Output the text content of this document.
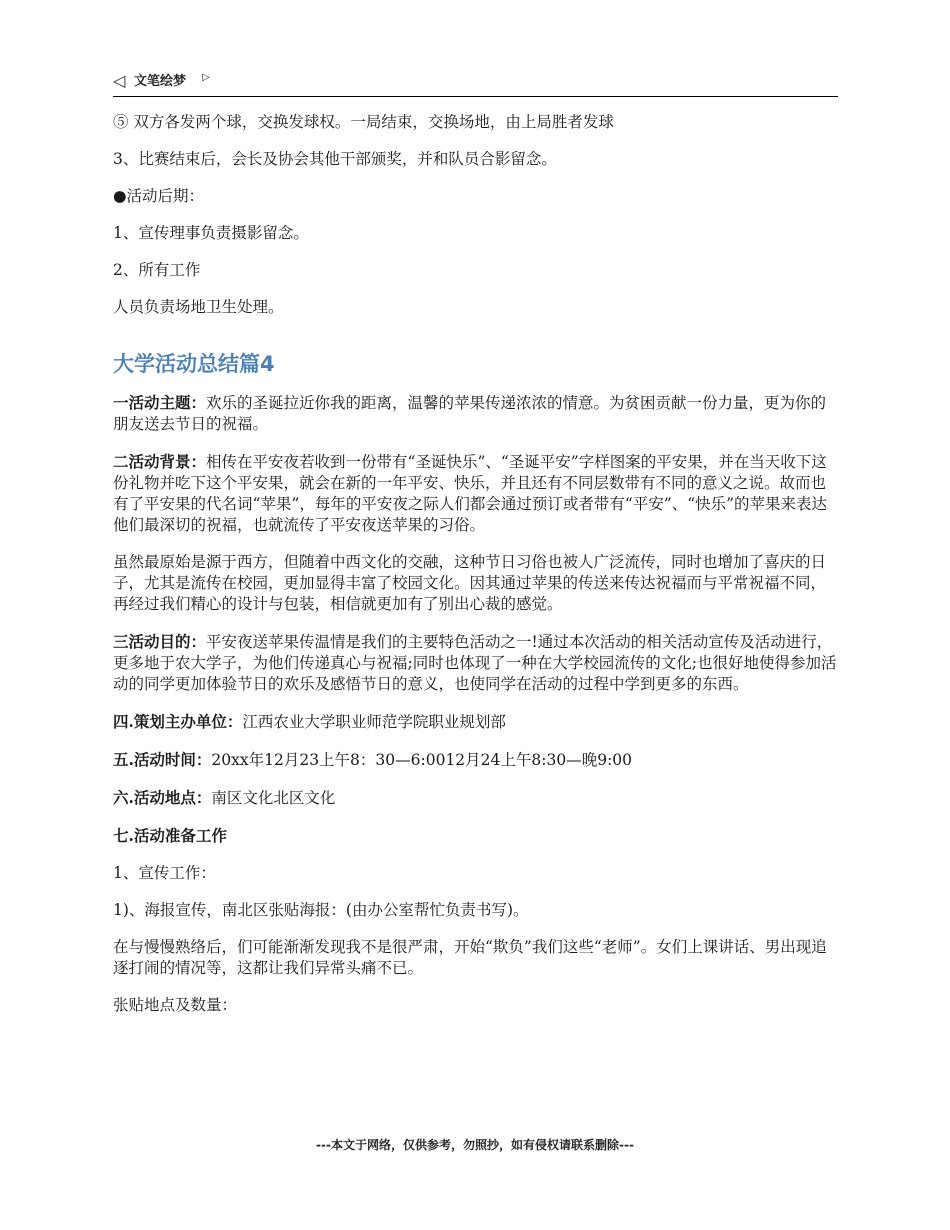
◁ 文笔绘梦 ▷

⑤ 双方各发两个球，交换发球权。一局结束，交换场地，由上局胜者发球

3、比赛结束后，会长及协会其他干部颁奖，并和队员合影留念。

●活动后期：

1、宣传理事负责摄影留念。

2、所有工作

人员负责场地卫生处理。

大学活动总结篇4

一活动主题：欢乐的圣诞拉近你我的距离，温馨的苹果传递浓浓的情意。为贫困贡献一份力量，更为你的朋友送去节日的祝福。

二活动背景：相传在平安夜若收到一份带有“圣诞快乐”、“圣诞平安”字样图案的平安果，并在当天收下这份礼物并吃下这个平安果，就会在新的一年平安、快乐，并且还有不同层数带有不同的意义之说。故而也有了平安果的代名词“苹果”，每年的平安夜之际人们都会通过预订或者带有“平安”、“快乐”的苹果来表达他们最深切的祝福，也就流传了平安夜送苹果的习俗。

虽然最原始是源于西方，但随着中西文化的交融，这种节日习俗也被人广泛流传，同时也增加了喜庆的日子，尤其是流传在校园，更加显得丰富了校园文化。因其通过苹果的传送来传达祝福而与平常祝福不同，再经过我们精心的设计与包装，相信就更加有了别出心裁的感觉。

三活动目的：平安夜送苹果传温情是我们的主要特色活动之一!通过本次活动的相关活动宣传及活动进行，更多地于农大学子，为他们传递真心与祝福;同时也体现了一种在大学校园流传的文化;也很好地使得参加活动的同学更加体验节日的欢乐及感悟节日的意义，也使同学在活动的过程中学到更多的东西。

四.策划主办单位：江西农业大学职业师范学院职业规划部

五.活动时间：20xx年12月23上午8：30—6:0012月24上午8:30—晚9:00

六.活动地点：南区文化北区文化

七.活动准备工作

1、宣传工作：

1)、海报宣传，南北区张贴海报：(由办公室帮忙负责书写)。

在与慢慢熟络后，们可能渐渐发现我不是很严肃，开始“欺负”我们这些“老师”。女们上课讲话、男出现追逐打闹的情况等，这都让我们异常头痛不已。

张贴地点及数量：

---本文于网络，仅供参考，勿照抄，如有侵权请联系删除---
